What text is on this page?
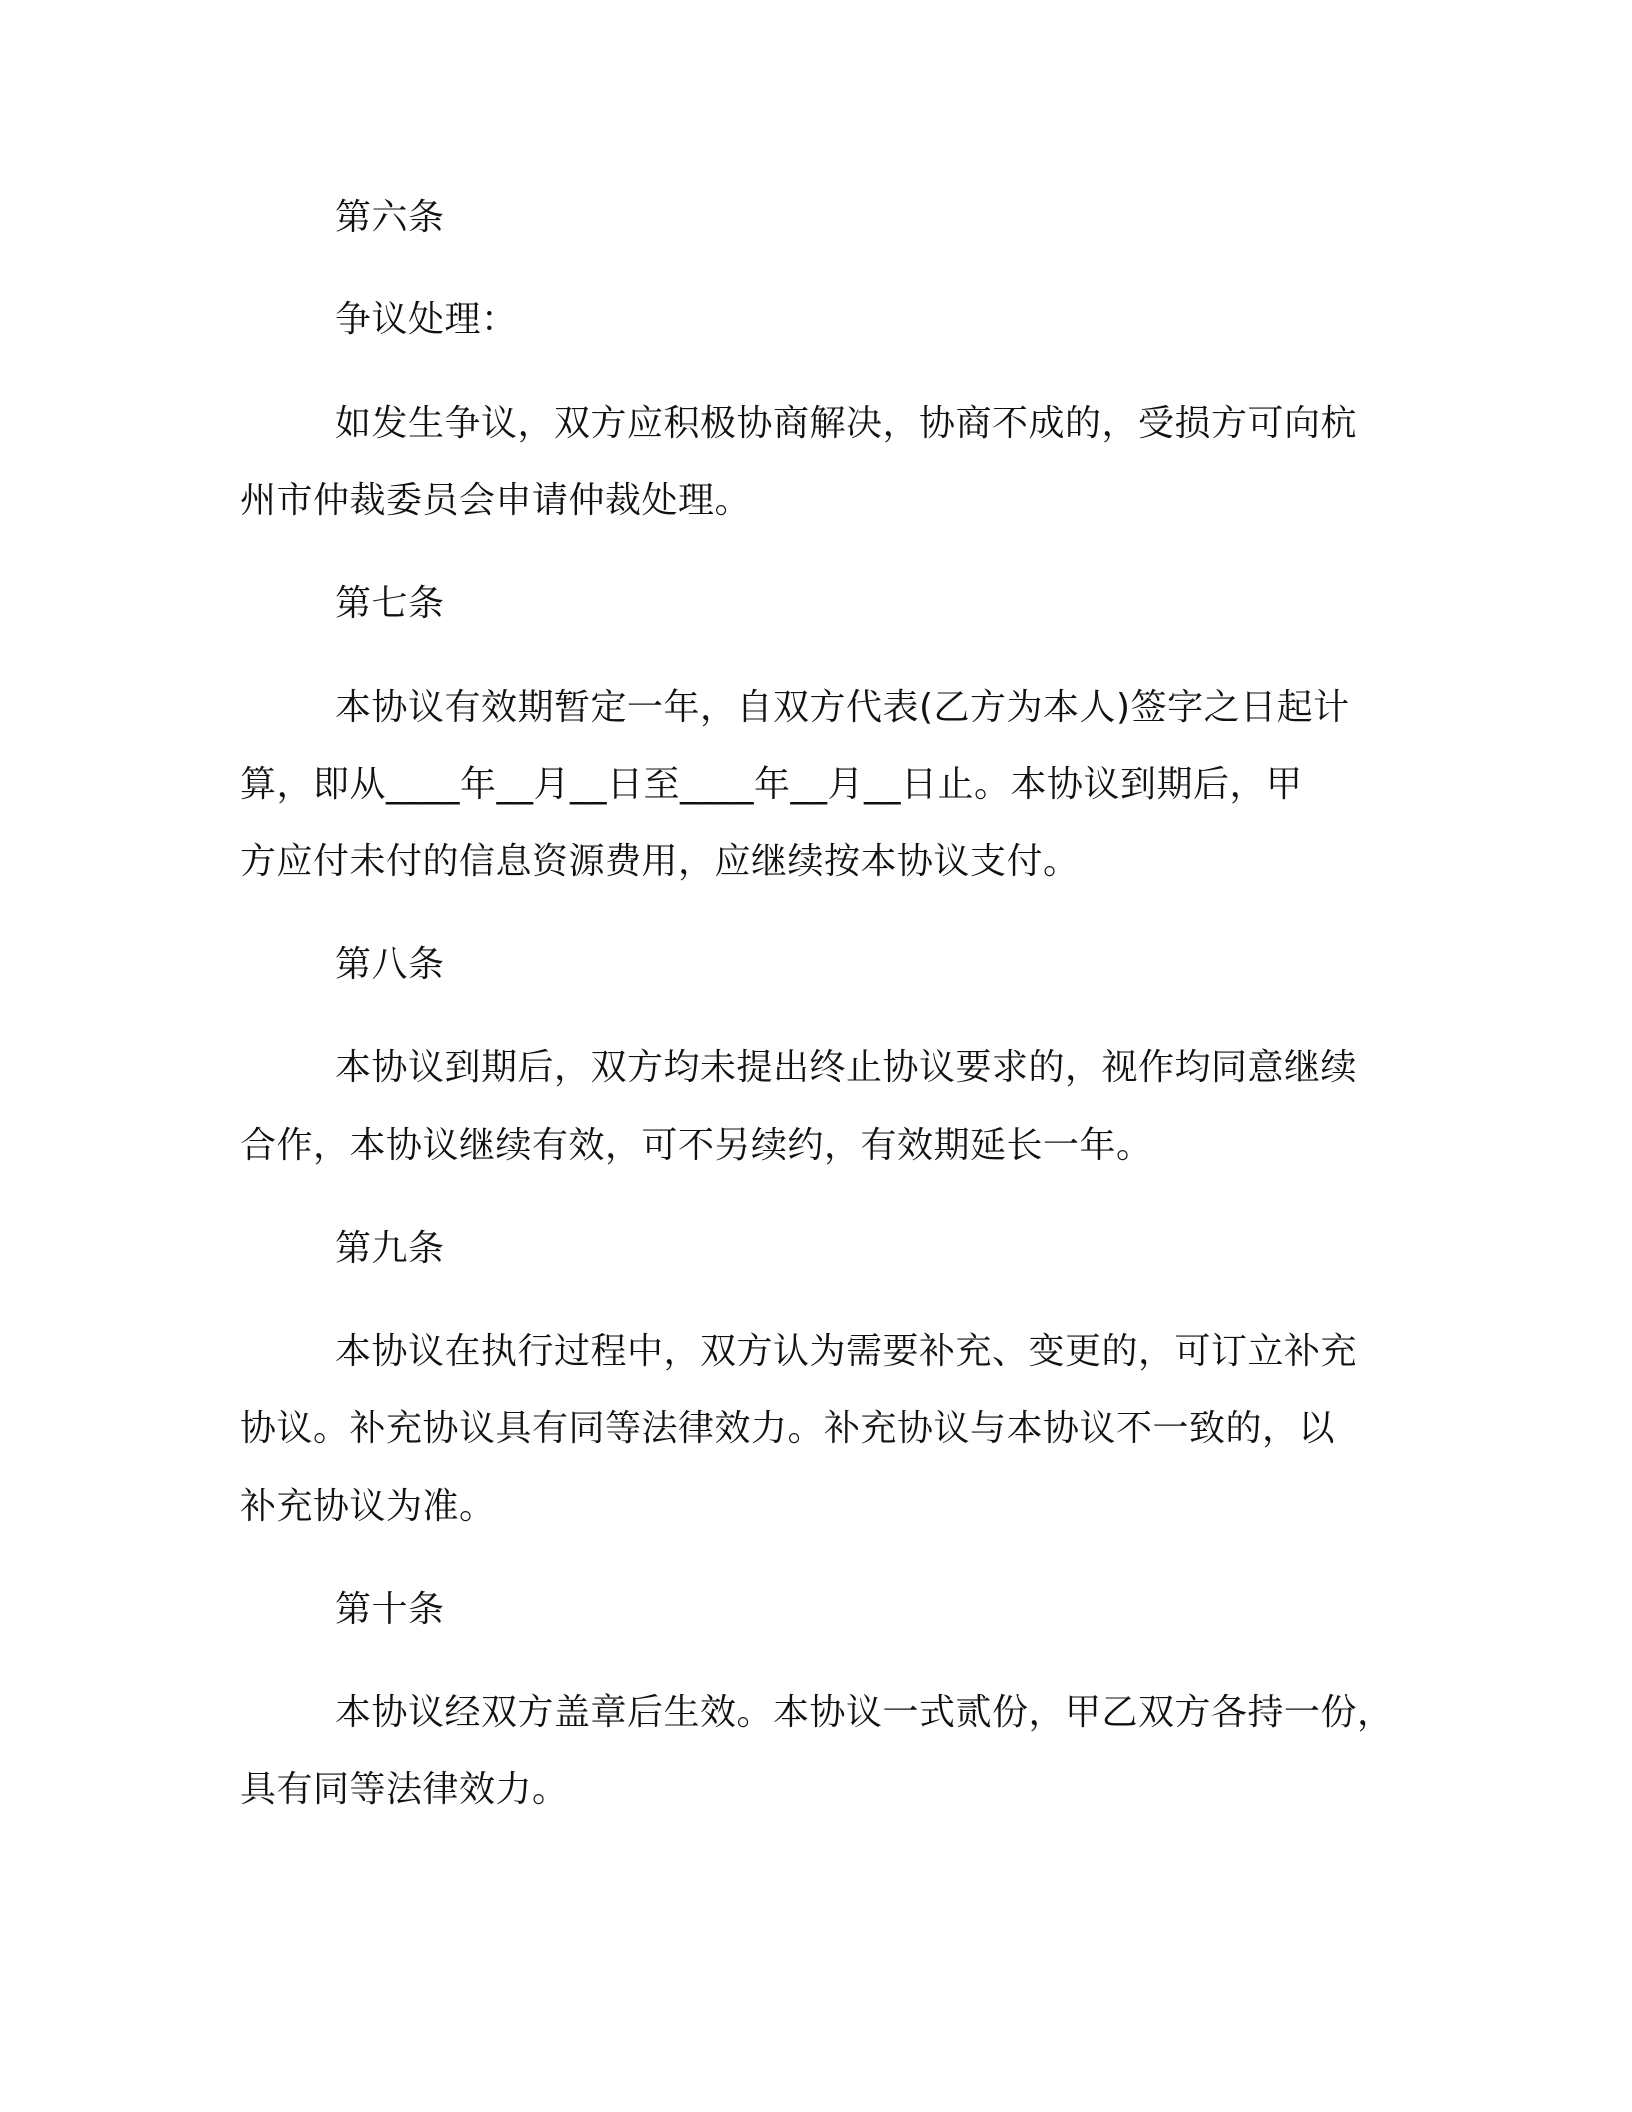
第六条
争议处理：
如发生争议，双方应积极协商解决，协商不成的，受损方可向杭
州市仲裁委员会申请仲裁处理。
第七条
本协议有效期暂定一年，自双方代表(乙方为本人)签字之日起计
算，即从____年__月__日至____年__月__日止。本协议到期后，甲
方应付未付的信息资源费用，应继续按本协议支付。
第八条
本协议到期后，双方均未提出终止协议要求的，视作均同意继续
合作，本协议继续有效，可不另续约，有效期延长一年。
第九条
本协议在执行过程中，双方认为需要补充、变更的，可订立补充
协议。补充协议具有同等法律效力。补充协议与本协议不一致的，以
补充协议为准。
第十条
本协议经双方盖章后生效。本协议一式贰份，甲乙双方各持一份，
具有同等法律效力。
